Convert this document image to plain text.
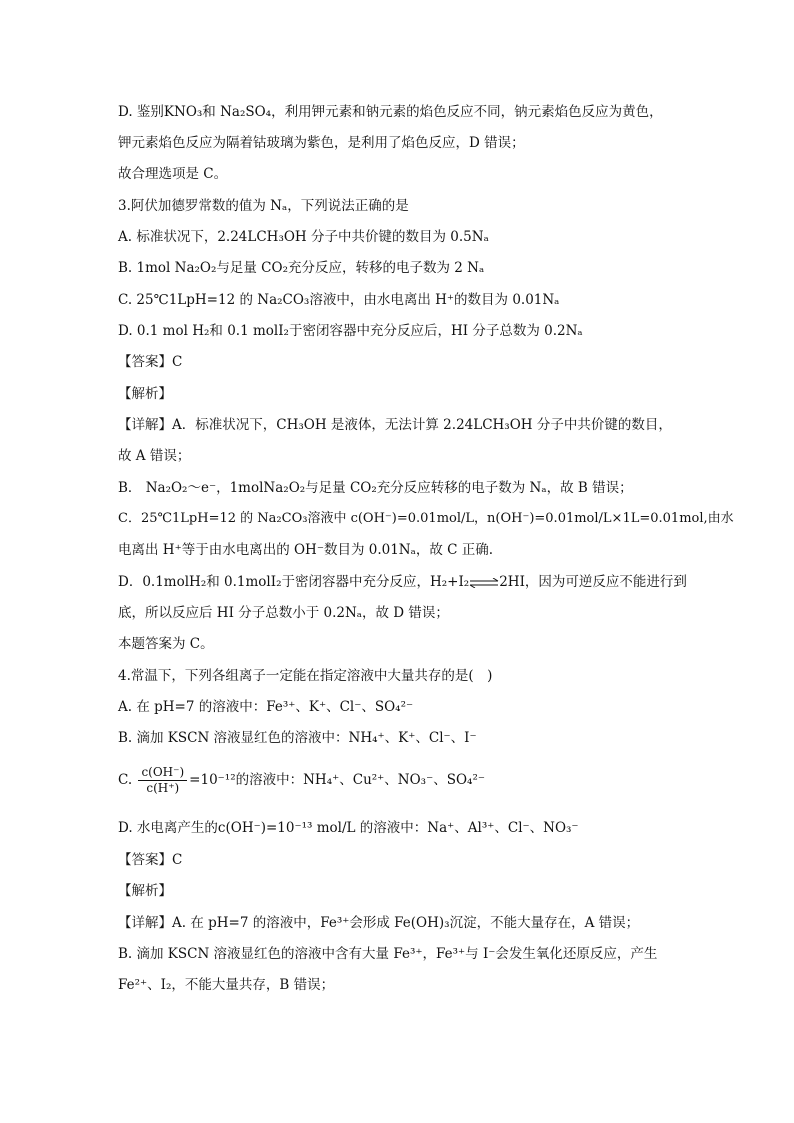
D. 鉴别KNO₃和 Na₂SO₄，利用钾元素和钠元素的焰色反应不同，钠元素焰色反应为黄色，
钾元素焰色反应为隔着钴玻璃为紫色，是利用了焰色反应，D 错误；
故合理选项是 C。
3.阿伏加德罗常数的值为 Nₐ，下列说法正确的是
A. 标准状况下，2.24LCH₃OH 分子中共价键的数目为 0.5Nₐ
B. 1mol Na₂O₂与足量 CO₂充分反应，转移的电子数为 2 Nₐ
C. 25℃1LpH=12 的 Na₂CO₃溶液中，由水电离出 H⁺的数目为 0.01Nₐ
D. 0.1 mol H₂和 0.1 molI₂于密闭容器中充分反应后，HI 分子总数为 0.2Nₐ
【答案】C
【解析】
【详解】A．标准状况下，CH₃OH 是液体，无法计算 2.24LCH₃OH 分子中共价键的数目，
故 A 错误；
B． Na₂O₂～e⁻，1molNa₂O₂与足量 CO₂充分反应转移的电子数为 Nₐ，故 B 错误；
C．25℃1LpH=12 的 Na₂CO₃溶液中 c(OH⁻)=0.01mol/L，n(OH⁻)=0.01mol/L×1L=0.01mol,由水
电离出 H⁺等于由水电离出的 OH⁻数目为 0.01Nₐ，故 C 正确.
D．0.1molH₂和 0.1molI₂于密闭容器中充分反应，H₂+I₂⇌2HI，因为可逆反应不能进行到
底，所以反应后 HI 分子总数小于 0.2Nₐ，故 D 错误；
本题答案为 C。
4.常温下，下列各组离子一定能在指定溶液中大量共存的是(　)
A. 在 pH=7 的溶液中：Fe³⁺、K⁺、Cl⁻、SO₄²⁻
B. 滴加 KSCN 溶液显红色的溶液中：NH₄⁺、K⁺、Cl⁻、I⁻
C. $\frac{c(OH^-)}{c(H^+)} =10^{-12}$的溶液中：NH₄⁺、Cu²⁺、NO₃⁻、SO₄²⁻
D. 水电离产生的c(OH⁻)=10⁻¹³ mol/L 的溶液中：Na⁺、Al³⁺、Cl⁻、NO₃⁻
【答案】C
【解析】
【详解】A. 在 pH=7 的溶液中，Fe³⁺会形成 Fe(OH)₃沉淀，不能大量存在，A 错误；
B. 滴加 KSCN 溶液显红色的溶液中含有大量 Fe³⁺，Fe³⁺与 I⁻会发生氧化还原反应，产生
Fe²⁺、I₂，不能大量共存，B 错误；
